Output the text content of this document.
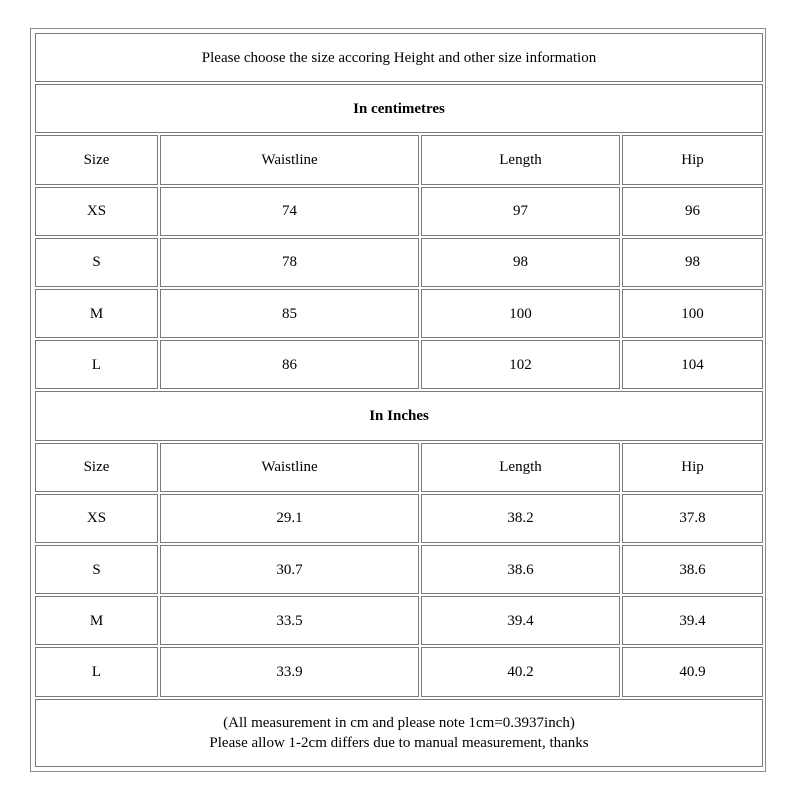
Please choose the size accoring Height and other size information			
In centimetres			
Size	Waistline	Length	Hip
XS	74	97	96
S	78	98	98
M	85	100	100
L	86	102	104
In Inches			
Size	Waistline	Length	Hip
XS	29.1	38.2	37.8
S	30.7	38.6	38.6
M	33.5	39.4	39.4
L	33.9	40.2	40.9

(All measurement in cm and please note 1cm=0.3937inch)
Please allow 1-2cm differs due to manual measurement, thanks			
